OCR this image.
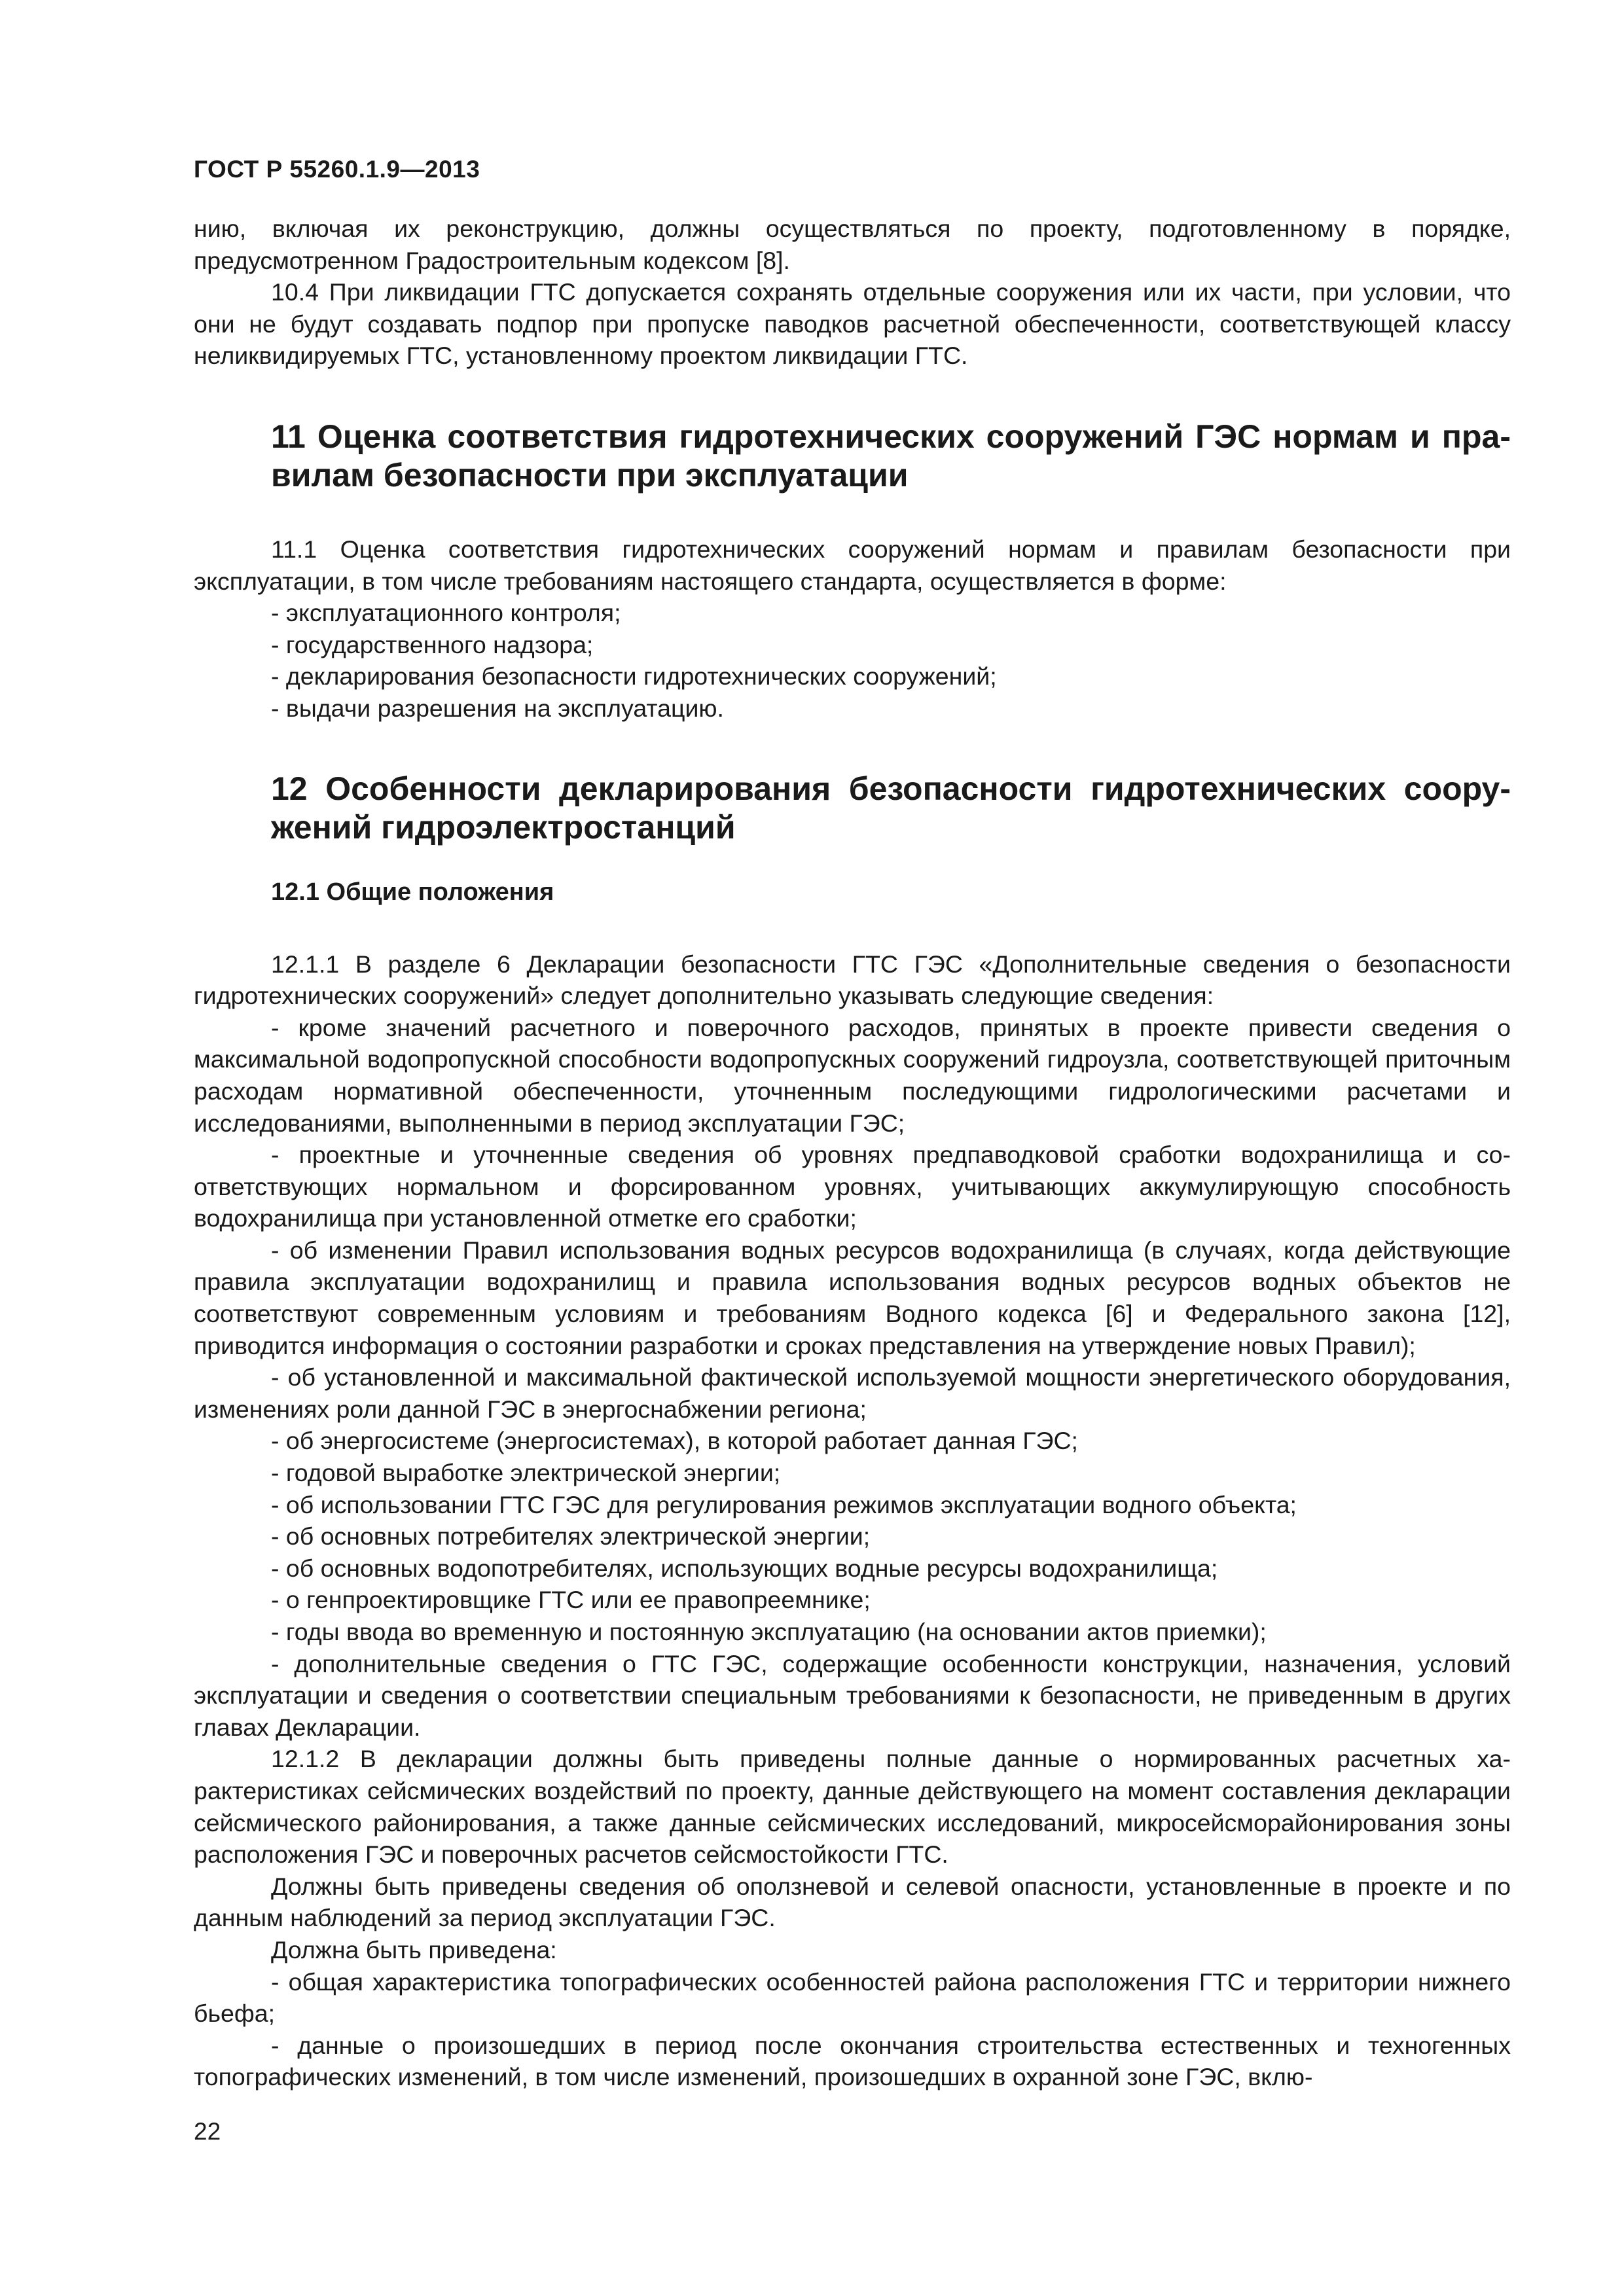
ГОСТ Р 55260.1.9—2013

нию, включая их реконструкцию, должны осуществляться по проекту, подготовленному в порядке, предусмотренном Градостроительным кодексом [8].

10.4 При ликвидации ГТС допускается сохранять отдельные сооружения или их части, при условии, что они не будут создавать подпор при пропуске паводков расчетной обеспеченности, соответствующей классу неликвидируемых ГТС, установленному проектом ликвидации ГТС.

11 Оценка соответствия гидротехнических сооружений ГЭС нормам и правилам безопасности при эксплуатации

11.1 Оценка соответствия гидротехнических сооружений нормам и правилам безопасности при эксплуатации, в том числе требованиям настоящего стандарта, осуществляется в форме:

- эксплуатационного контроля;

- государственного надзора;

- декларирования безопасности гидротехнических сооружений;

- выдачи разрешения на эксплуатацию.

12 Особенности декларирования безопасности гидротехнических сооружений гидроэлектростанций
12.1 Общие положения

12.1.1 В разделе 6 Декларации безопасности ГТС ГЭС «Дополнительные сведения о безопасности гидротехнических сооружений» следует дополнительно указывать следующие сведения:

- кроме значений расчетного и поверочного расходов, принятых в проекте привести сведения о максимальной водопропускной способности водопропускных сооружений гидроузла, соответствующей приточным расходам нормативной обеспеченности, уточненным последующими гидрологическими расчетами и исследованиями, выполненными в период эксплуатации ГЭС;

- проектные и уточненные сведения об уровнях предпаводковой сработки водохранилища и соответствующих нормальном и форсированном уровнях, учитывающих аккумулирующую способность водохранилища при установленной отметке его сработки;

- об изменении Правил использования водных ресурсов водохранилища (в случаях, когда действующие правила эксплуатации водохранилищ и правила использования водных ресурсов водных объектов не соответствуют современным условиям и требованиям Водного кодекса [6] и Федерального закона [12], приводится информация о состоянии разработки и сроках представления на утверждение новых Правил);

- об установленной и максимальной фактической используемой мощности энергетического оборудования, изменениях роли данной ГЭС в энергоснабжении региона;

- об энергосистеме (энергосистемах), в которой работает данная ГЭС;

- годовой выработке электрической энергии;

- об использовании ГТС ГЭС для регулирования режимов эксплуатации водного объекта;

- об основных потребителях электрической энергии;

- об основных водопотребителях, использующих водные ресурсы водохранилища;

- о генпроектировщике ГТС или ее правопреемнике;

- годы ввода во временную и постоянную эксплуатацию (на основании актов приемки);

- дополнительные сведения о ГТС ГЭС, содержащие особенности конструкции, назначения, условий эксплуатации и сведения о соответствии специальным требованиями к безопасности, не приведенным в других главах Декларации.

12.1.2 В декларации должны быть приведены полные данные о нормированных расчетных характеристиках сейсмических воздействий по проекту, данные действующего на момент составления декларации сейсмического районирования, а также данные сейсмических исследований, микросейсморайонирования зоны расположения ГЭС и поверочных расчетов сейсмостойкости ГТС.

Должны быть приведены сведения об оползневой и селевой опасности, установленные в проекте и по данным наблюдений за период эксплуатации ГЭС.

Должна быть приведена:

- общая характеристика топографических особенностей района расположения ГТС и территории нижнего бьефа;

- данные о произошедших в период после окончания строительства естественных и техногенных топографических изменений, в том числе изменений, произошедших в охранной зоне ГЭС, вклю-

22
